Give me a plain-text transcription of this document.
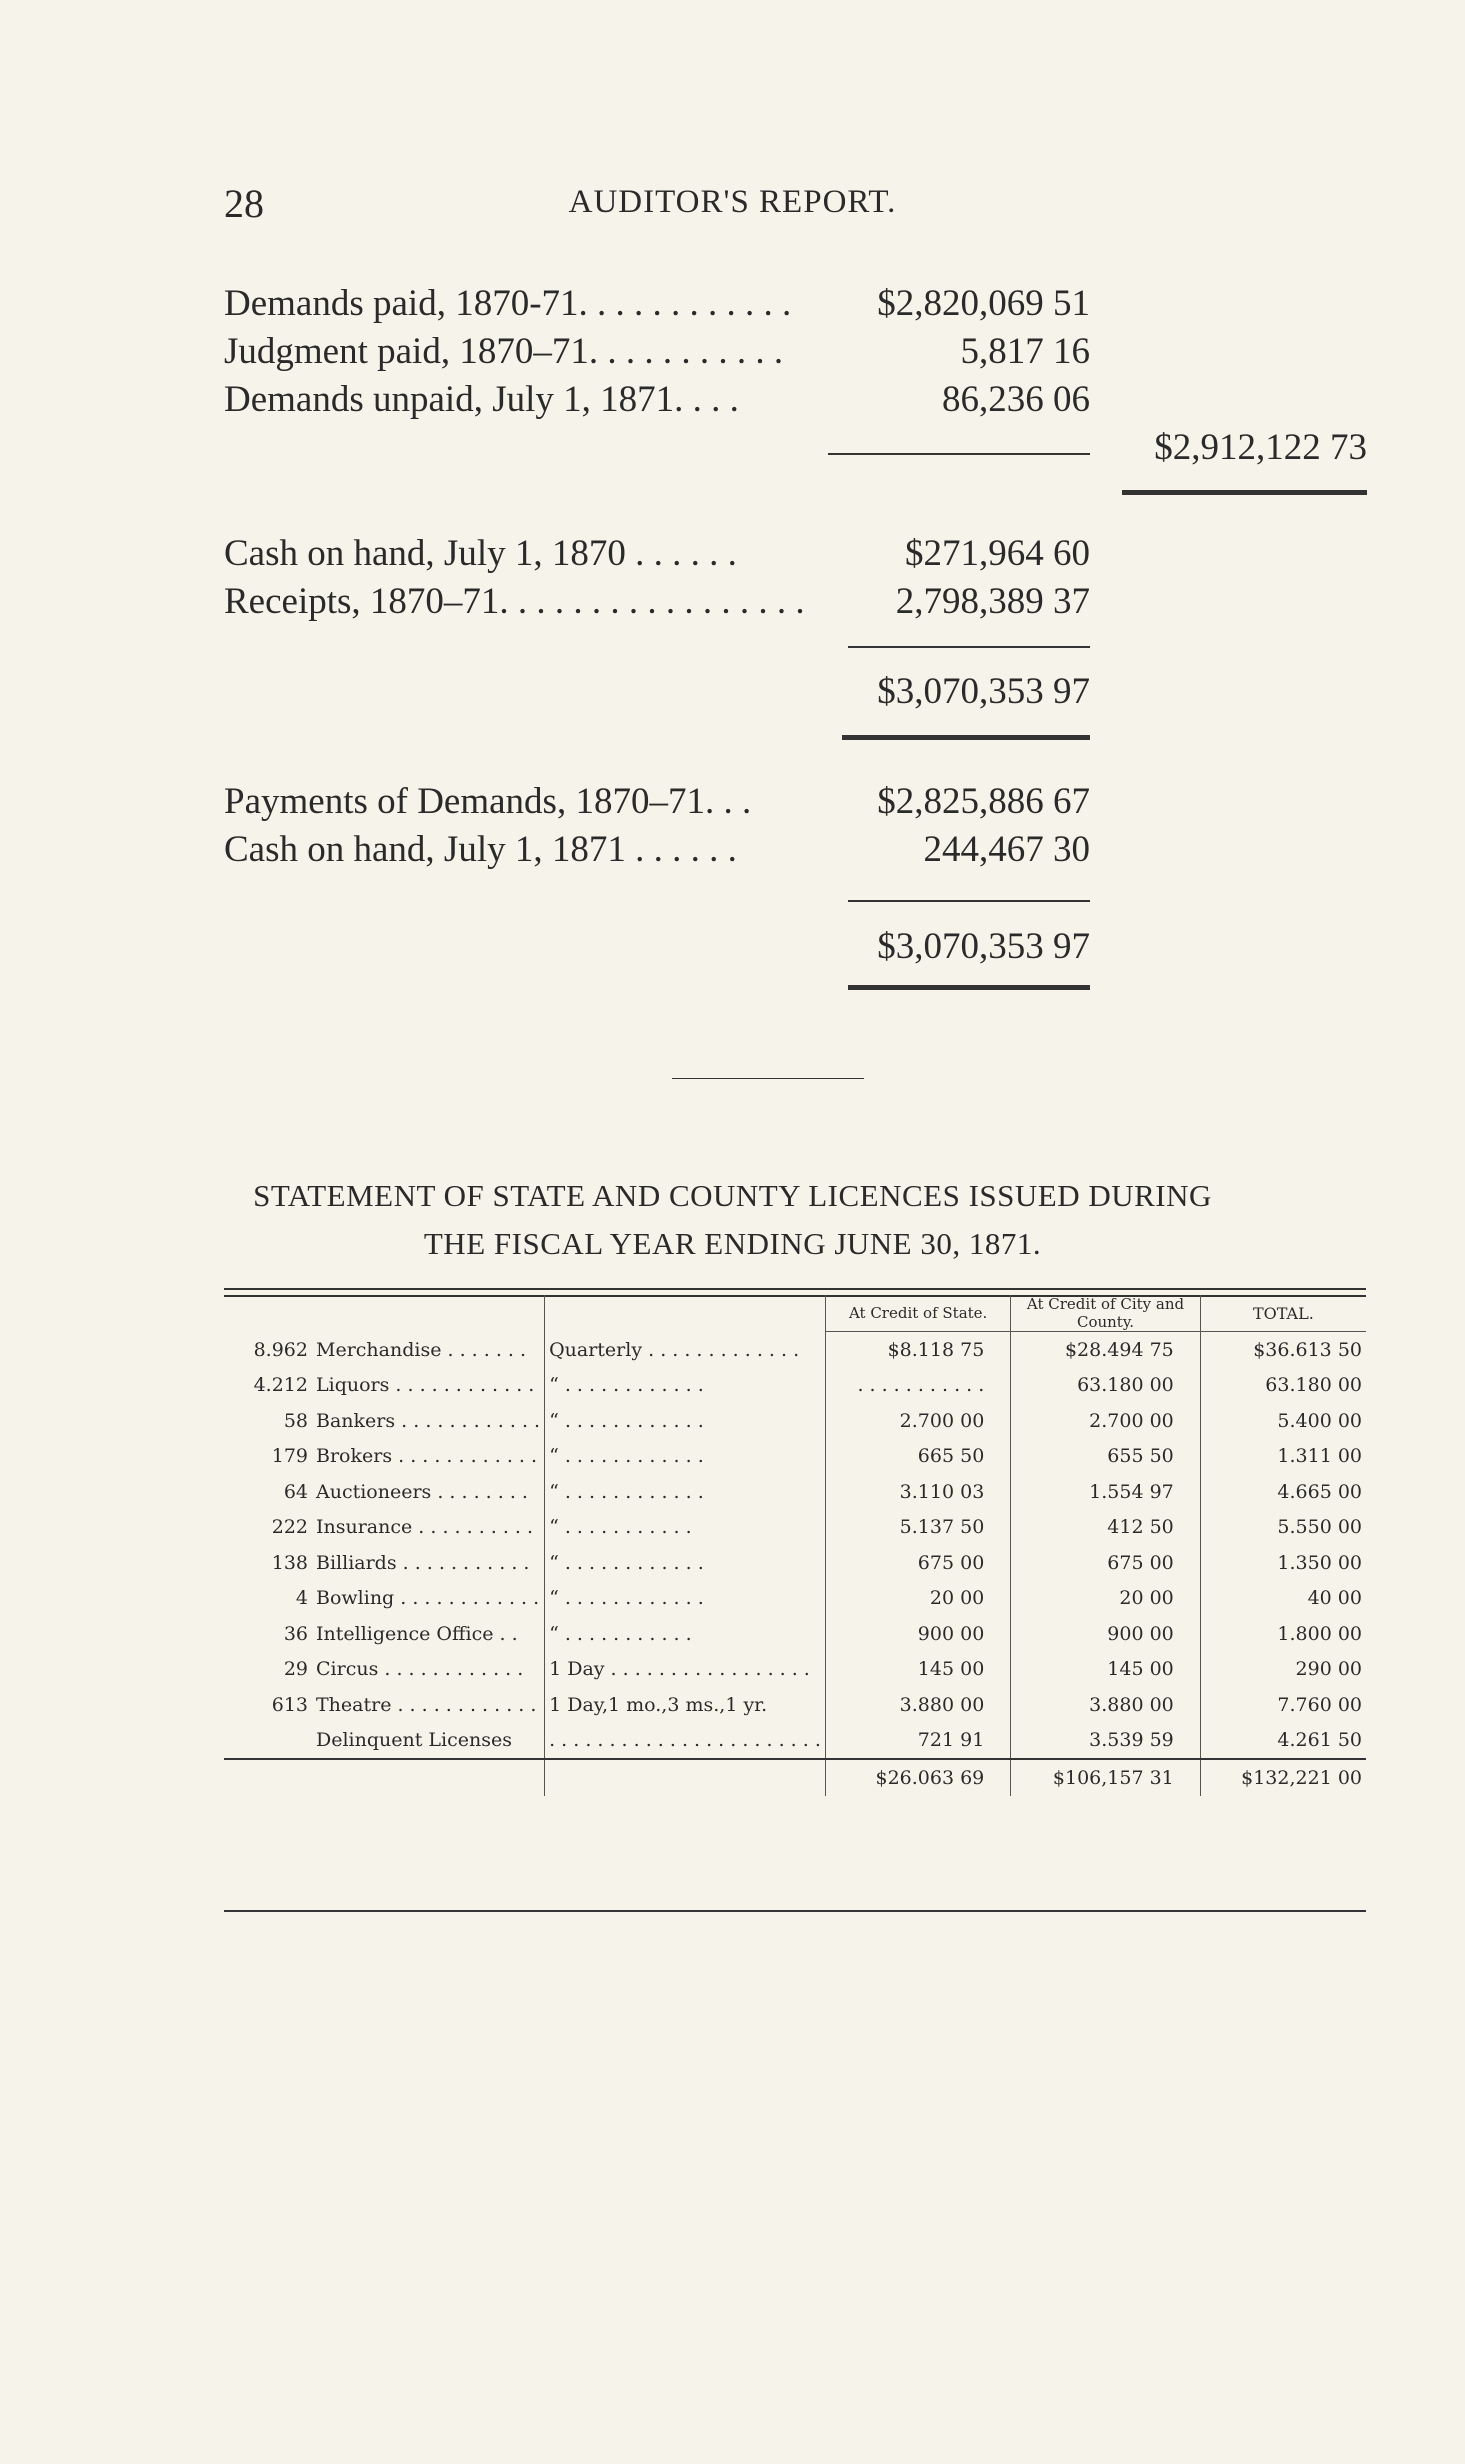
28	AUDITOR'S REPORT.
Demands paid, 1870-71. . . . . . . . . . . . $2,820,069 51
Judgment paid, 1870–71. . . . . . . . . . .	5,817 16
Demands unpaid, July 1, 1871. . . .	86,236 06
$2,912,122 73
Cash on hand, July 1, 1870 . . . . . .	$271,964 60
Receipts, 1870–71. . . . . . . . . . . . . . . . . 2,798,389 37
$3,070,353 97
Payments of Demands, 1870–71. . .	$2,825,886 67
Cash on hand, July 1, 1871 . . . . . .	244,467 30
$3,070,353 97
STATEMENT OF STATE AND COUNTY LICENCES ISSUED DURING
THE FISCAL YEAR ENDING JUNE 30, 1871.
		At Credit of State.	At Credit of City and County.	TOTAL.
8.962 Merchandise . . . . . . .	Quarterly . . . . . . . . . . . . .	$8.118 75	$28.494 75	$36.613 50
4.212 Liquors . . . . . . . . . . . .	“ . . . . . . . . . . . .	. . . . . . . . . . .	63.180 00	63.180 00
58 Bankers . . . . . . . . . . . .	“ . . . . . . . . . . . .	2.700 00	2.700 00	5.400 00
179 Brokers . . . . . . . . . . . .	“ . . . . . . . . . . . .	665 50	655 50	1.311 00
64 Auctioneers . . . . . . . .	“ . . . . . . . . . . . .	3.110 03	1.554 97	4.665 00
222 Insurance . . . . . . . . . .	“ . . . . . . . . . . .	5.137 50	412 50	5.550 00
138 Billiards . . . . . . . . . . .	“ . . . . . . . . . . . .	675 00	675 00	1.350 00
4 Bowling . . . . . . . . . . . .	“ . . . . . . . . . . . .	20 00	20 00	40 00
36 Intelligence Office . .	“ . . . . . . . . . . .	900 00	900 00	1.800 00
29 Circus . . . . . . . . . . . .	1 Day . . . . . . . . . . . . . . . . .	145 00	145 00	290 00
613 Theatre . . . . . . . . . . . .	1 Day,1 mo.,3 ms.,1 yr.	3.880 00	3.880 00	7.760 00
Delinquent Licenses	. . . . . . . . . . . . . . . . . . . . . . .	721 91	3.539 59	4.261 50
		$26.063 69	$106,157 31	$132,221 00
